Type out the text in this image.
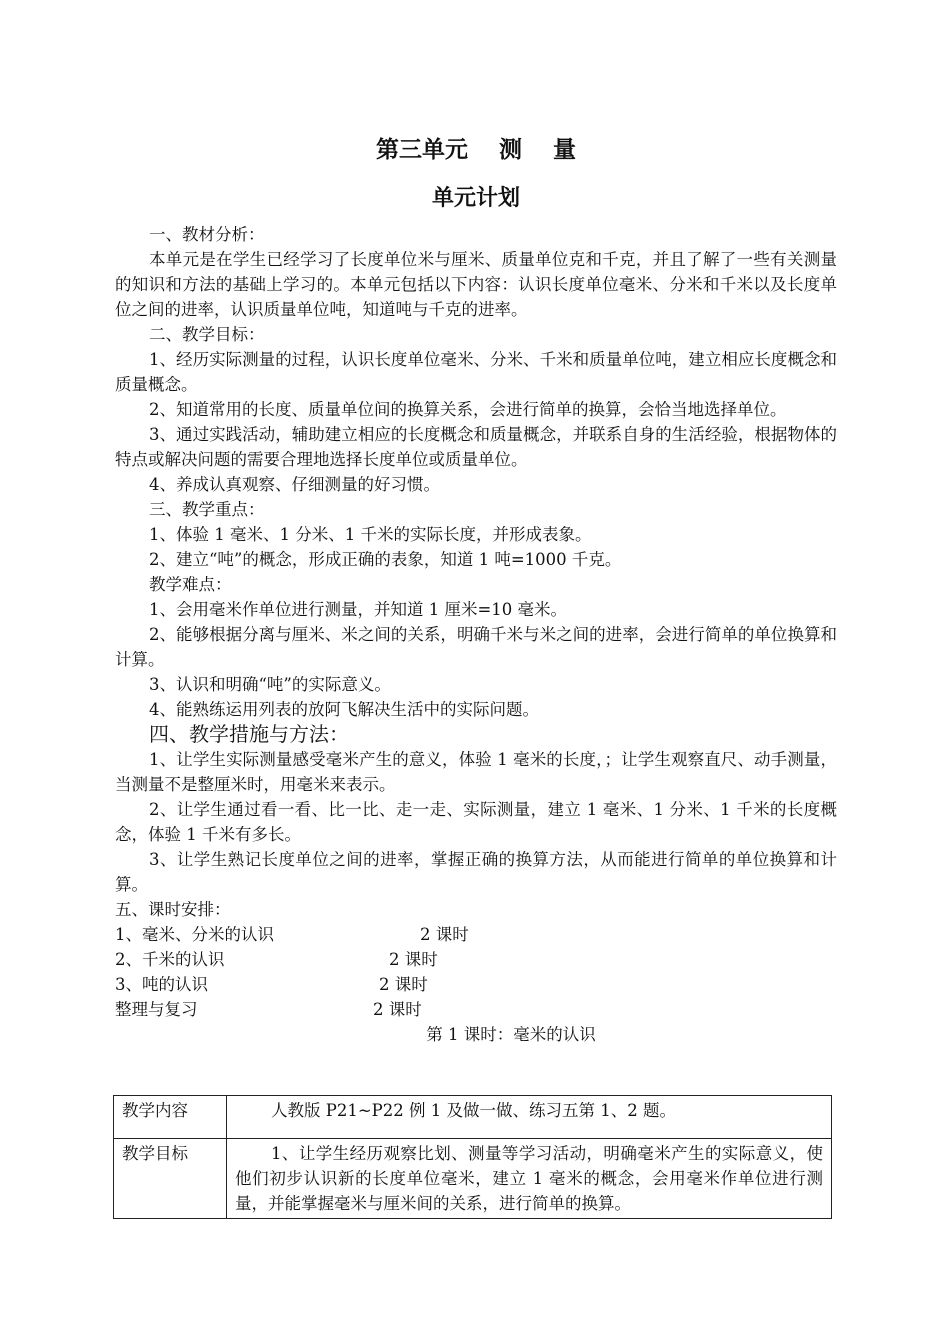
第三单元　 测　 量
单元计划

一、教材分析：

本单元是在学生已经学习了长度单位米与厘米、质量单位克和千克，并且了解了一些有关测量的知识和方法的基础上学习的。本单元包括以下内容：认识长度单位毫米、分米和千米以及长度单位之间的进率，认识质量单位吨，知道吨与千克的进率。

二、教学目标：

1、经历实际测量的过程，认识长度单位毫米、分米、千米和质量单位吨，建立相应长度概念和质量概念。

2、知道常用的长度、质量单位间的换算关系，会进行简单的换算，会恰当地选择单位。

3、通过实践活动，辅助建立相应的长度概念和质量概念，并联系自身的生活经验，根据物体的特点或解决问题的需要合理地选择长度单位或质量单位。

4、养成认真观察、仔细测量的好习惯。

三、教学重点：

1、体验 1 毫米、1 分米、1 千米的实际长度，并形成表象。

2、建立“吨”的概念，形成正确的表象，知道 1 吨=1000 千克。

教学难点：

1、会用毫米作单位进行测量，并知道 1 厘米=10 毫米。

2、能够根据分离与厘米、米之间的关系，明确千米与米之间的进率，会进行简单的单位换算和计算。

3、认识和明确“吨”的实际意义。

4、能熟练运用列表的放阿飞解决生活中的实际问题。

四、教学措施与方法：

1、让学生实际测量感受毫米产生的意义，体验 1 毫米的长度，；让学生观察直尺、动手测量，当测量不是整厘米时，用毫米来表示。

2、让学生通过看一看、比一比、走一走、实际测量，建立 1 毫米、1 分米、1 千米的长度概念，体验 1 千米有多长。

3、让学生熟记长度单位之间的进率，掌握正确的换算方法，从而能进行简单的单位换算和计算。

五、课时安排：

1、毫米、分米的认识	2 课时
2、千米的认识	2 课时
3、吨的认识	2 课时
整理与复习	2 课时
第 1 课时：毫米的认识
教学内容	人教版 P21~P22 例 1 及做一做、练习五第 1、2 题。
教学目标	1、让学生经历观察比划、测量等学习活动，明确毫米产生的实际意义，使他们初步认识新的长度单位毫米，建立 1 毫米的概念，会用毫米作单位进行测量，并能掌握毫米与厘米间的关系，进行简单的换算。
